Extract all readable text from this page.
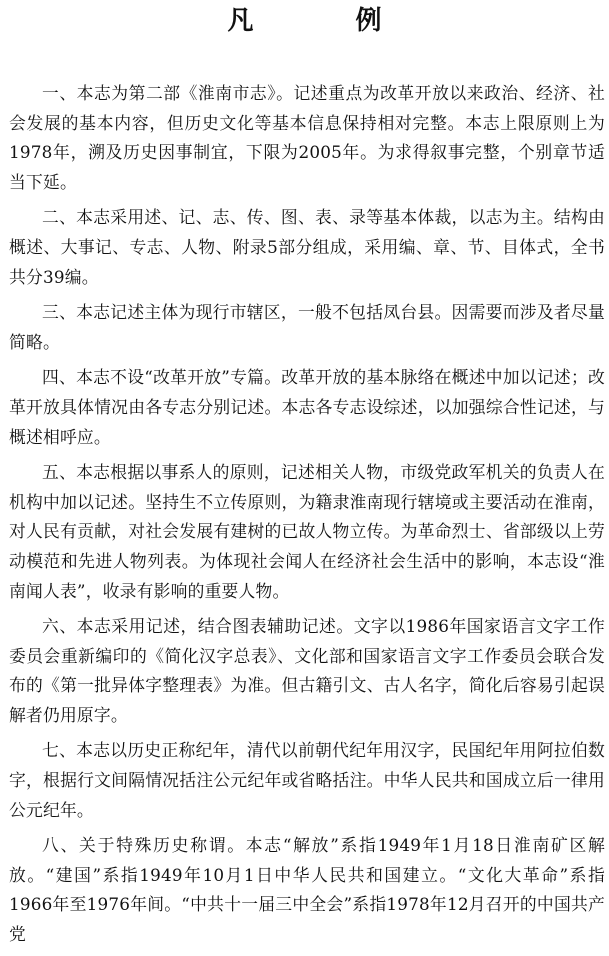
凡　例

一、本志为第二部《淮南市志》。记述重点为改革开放以来政治、经济、社会发展的基本内容，但历史文化等基本信息保持相对完整。本志上限原则上为1978年，溯及历史因事制宜，下限为2005年。为求得叙事完整，个别章节适当下延。

二、本志采用述、记、志、传、图、表、录等基本体裁，以志为主。结构由概述、大事记、专志、人物、附录5部分组成，采用编、章、节、目体式，全书共分39编。

三、本志记述主体为现行市辖区，一般不包括凤台县。因需要而涉及者尽量简略。

四、本志不设“改革开放”专篇。改革开放的基本脉络在概述中加以记述；改革开放具体情况由各专志分别记述。本志各专志设综述，以加强综合性记述，与概述相呼应。

五、本志根据以事系人的原则，记述相关人物，市级党政军机关的负责人在机构中加以记述。坚持生不立传原则，为籍隶淮南现行辖境或主要活动在淮南，对人民有贡献，对社会发展有建树的已故人物立传。为革命烈士、省部级以上劳动模范和先进人物列表。为体现社会闻人在经济社会生活中的影响，本志设“淮南闻人表”，收录有影响的重要人物。

六、本志采用记述，结合图表辅助记述。文字以1986年国家语言文字工作委员会重新编印的《简化汉字总表》、文化部和国家语言文字工作委员会联合发布的《第一批异体字整理表》为准。但古籍引文、古人名字，简化后容易引起误解者仍用原字。

七、本志以历史正称纪年，清代以前朝代纪年用汉字，民国纪年用阿拉伯数字，根据行文间隔情况括注公元纪年或省略括注。中华人民共和国成立后一律用公元纪年。

八、关于特殊历史称谓。本志“解放”系指1949年1月18日淮南矿区解放。“建国”系指1949年10月1日中华人民共和国建立。“文化大革命”系指1966年至1976年间。“中共十一届三中全会”系指1978年12月召开的中国共产党
